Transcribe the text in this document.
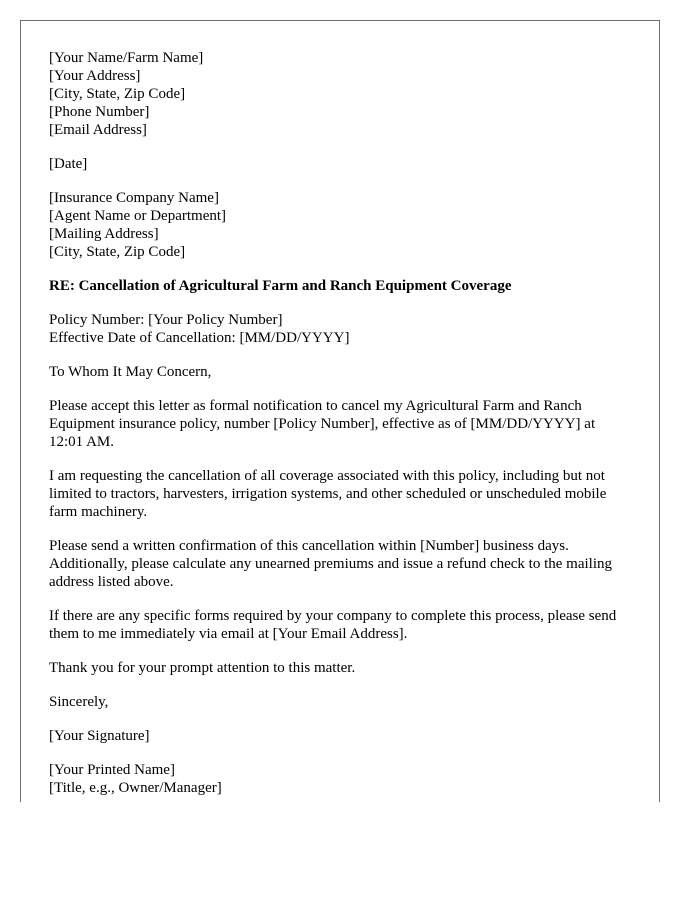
[Your Name/Farm Name]
[Your Address]
[City, State, Zip Code]
[Phone Number]
[Email Address]
[Date]
[Insurance Company Name]
[Agent Name or Department]
[Mailing Address]
[City, State, Zip Code]
RE: Cancellation of Agricultural Farm and Ranch Equipment Coverage
Policy Number: [Your Policy Number]
Effective Date of Cancellation: [MM/DD/YYYY]
To Whom It May Concern,
Please accept this letter as formal notification to cancel my Agricultural Farm and Ranch Equipment insurance policy, number [Policy Number], effective as of [MM/DD/YYYY] at 12:01 AM.
I am requesting the cancellation of all coverage associated with this policy, including but not limited to tractors, harvesters, irrigation systems, and other scheduled or unscheduled mobile farm machinery.
Please send a written confirmation of this cancellation within [Number] business days. Additionally, please calculate any unearned premiums and issue a refund check to the mailing address listed above.
If there are any specific forms required by your company to complete this process, please send them to me immediately via email at [Your Email Address].
Thank you for your prompt attention to this matter.
Sincerely,
[Your Signature]
[Your Printed Name]
[Title, e.g., Owner/Manager]
